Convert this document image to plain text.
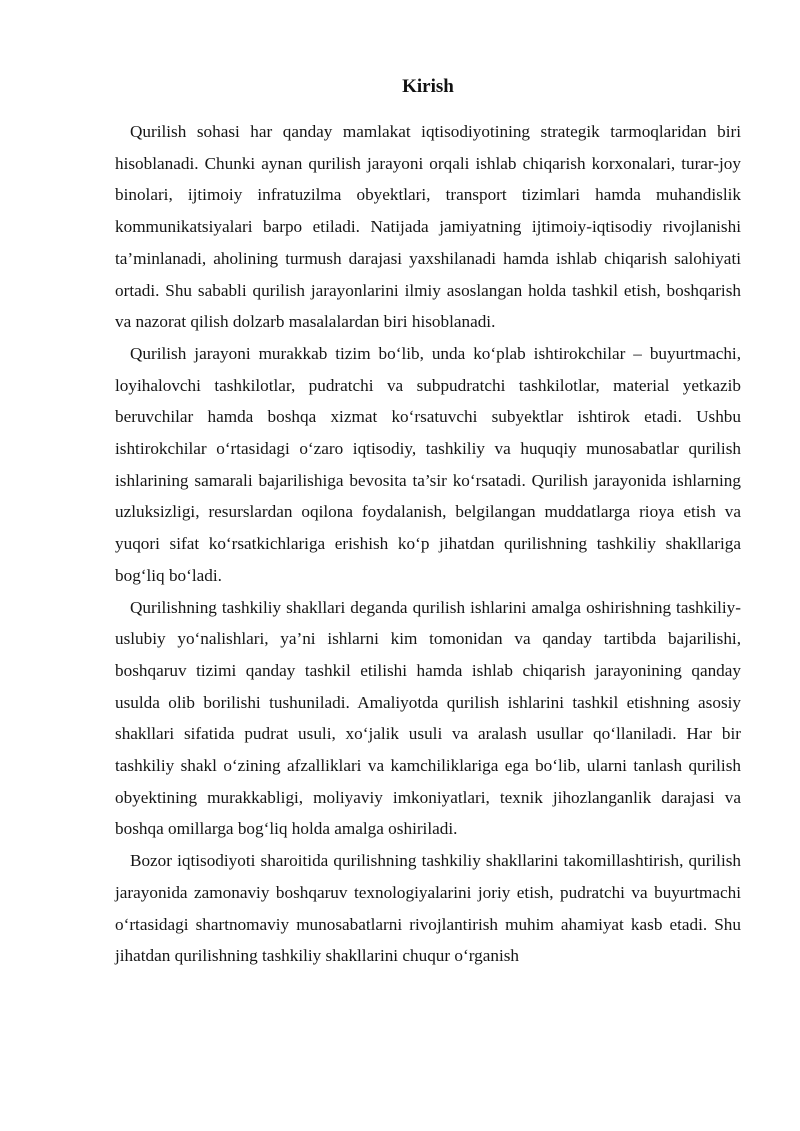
Kirish

Qurilish sohasi har qanday mamlakat iqtisodiyotining strategik tarmoqlaridan biri hisoblanadi. Chunki aynan qurilish jarayoni orqali ishlab chiqarish korxonalari, turar-joy binolari, ijtimoiy infratuzilma obyektlari, transport tizimlari hamda muhandislik kommunikatsiyalari barpo etiladi. Natijada jamiyatning ijtimoiy-iqtisodiy rivojlanishi ta’minlanadi, aholining turmush darajasi yaxshilanadi hamda ishlab chiqarish salohiyati ortadi. Shu sababli qurilish jarayonlarini ilmiy asoslangan holda tashkil etish, boshqarish va nazorat qilish dolzarb masalalardan biri hisoblanadi.

Qurilish jarayoni murakkab tizim bo‘lib, unda ko‘plab ishtirokchilar – buyurtmachi, loyihalovchi tashkilotlar, pudratchi va subpudratchi tashkilotlar, material yetkazib beruvchilar hamda boshqa xizmat ko‘rsatuvchi subyektlar ishtirok etadi. Ushbu ishtirokchilar o‘rtasidagi o‘zaro iqtisodiy, tashkiliy va huquqiy munosabatlar qurilish ishlarining samarali bajarilishiga bevosita ta’sir ko‘rsatadi. Qurilish jarayonida ishlarning uzluksizligi, resurslardan oqilona foydalanish, belgilangan muddatlarga rioya etish va yuqori sifat ko‘rsatkichlariga erishish ko‘p jihatdan qurilishning tashkiliy shakllariga bog‘liq bo‘ladi.

Qurilishning tashkiliy shakllari deganda qurilish ishlarini amalga oshirishning tashkiliy-uslubiy yo‘nalishlari, ya’ni ishlarni kim tomonidan va qanday tartibda bajarilishi, boshqaruv tizimi qanday tashkil etilishi hamda ishlab chiqarish jarayonining qanday usulda olib borilishi tushuniladi. Amaliyotda qurilish ishlarini tashkil etishning asosiy shakllari sifatida pudrat usuli, xo‘jalik usuli va aralash usullar qo‘llaniladi. Har bir tashkiliy shakl o‘zining afzalliklari va kamchiliklariga ega bo‘lib, ularni tanlash qurilish obyektining murakkabligi, moliyaviy imkoniyatlari, texnik jihozlanganlik darajasi va boshqa omillarga bog‘liq holda amalga oshiriladi.

Bozor iqtisodiyoti sharoitida qurilishning tashkiliy shakllarini takomillashtirish, qurilish jarayonida zamonaviy boshqaruv texnologiyalarini joriy etish, pudratchi va buyurtmachi o‘rtasidagi shartnomaviy munosabatlarni rivojlantirish muhim ahamiyat kasb etadi. Shu jihatdan qurilishning tashkiliy shakllarini chuqur o‘rganish
